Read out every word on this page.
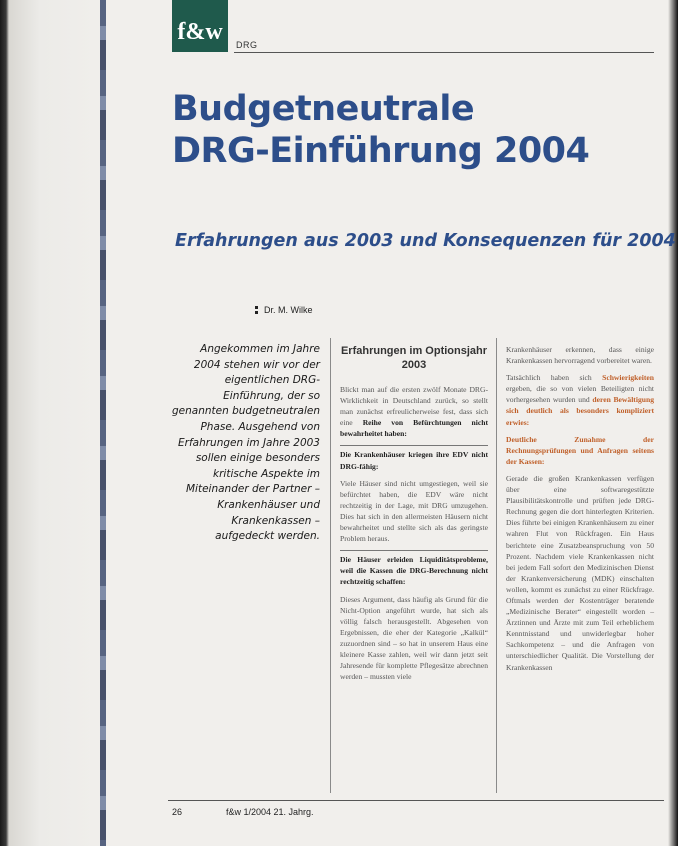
f&w	DRG
Budgetneutrale
DRG-Einführung 2004
Erfahrungen aus 2003 und Konsequenzen für 2004
Dr. M. Wilke

Angekommen im Jahre 2004 stehen wir vor der eigentlichen DRG-Einführung, der so genannten budgetneutralen Phase. Ausgehend von Erfahrungen im Jahre 2003 sollen einige besonders kritische Aspekte im Miteinander der Partner – Krankenhäuser und Krankenkassen – aufgedeckt werden.

Erfahrungen im Optionsjahr 2003

Blickt man auf die ersten zwölf Monate DRG-Wirklichkeit in Deutschland zurück, so stellt man zunächst erfreulicherweise fest, dass sich eine Reihe von Befürchtungen nicht bewahrheitet haben:

Die Krankenhäuser kriegen ihre EDV nicht DRG-fähig:

Viele Häuser sind nicht umgestiegen, weil sie befürchtet haben, die EDV wäre nicht rechtzeitig in der Lage, mit DRG umzugehen. Dies hat sich in den allermeisten Häusern nicht bewahrheitet und stellte sich als das geringste Problem heraus.

Die Häuser erleiden Liquiditätsprobleme, weil die Kassen die DRG-Berechnung nicht rechtzeitig schaffen:

Dieses Argument, dass häufig als Grund für die Nicht-Option angeführt wurde, hat sich als völlig falsch herausgestellt. Abgesehen von Ergebnissen, die eher der Kategorie „Kalkül“ zuzuordnen sind – so hat in unserem Haus eine kleinere Kasse zahlen, weil wir dann jetzt seit Jahresende für komplette Pflegesätze abrechnen werden – mussten viele

Krankenhäuser erkennen, dass einige Krankenkassen hervorragend vorbereitet waren.

Tatsächlich haben sich Schwierigkeiten ergeben, die so von vielen Beteiligten nicht vorhergesehen wurden und deren Bewältigung sich deutlich als besonders kompliziert erwies:

Deutliche Zunahme der Rechnungsprüfungen und Anfragen seitens der Kassen:

Gerade die großen Krankenkassen verfügen über eine softwaregestützte Plausibilitätskontrolle und prüften jede DRG-Rechnung gegen die dort hinterlegten Kriterien. Dies führte bei einigen Krankenhäusern zu einer wahren Flut von Rückfragen. Ein Haus berichtete eine Zusatzbeanspruchung von 50 Prozent. Nachdem viele Krankenkassen nicht bei jedem Fall sofort den Medizinischen Dienst der Krankenversicherung (MDK) einschalten wollen, kommt es zunächst zu einer Rückfrage. Oftmals werden der Kostenträger beratende „Medizinische Berater“ eingestellt worden – Ärztinnen und Ärzte mit zum Teil erheblichem Kenntnisstand und unwiderlegbar hoher Sachkompetenz – und die Anfragen von unterschiedlicher Qualität. Die Vorstellung der Krankenkassen

26	f&w 1/2004 21. Jahrg.
